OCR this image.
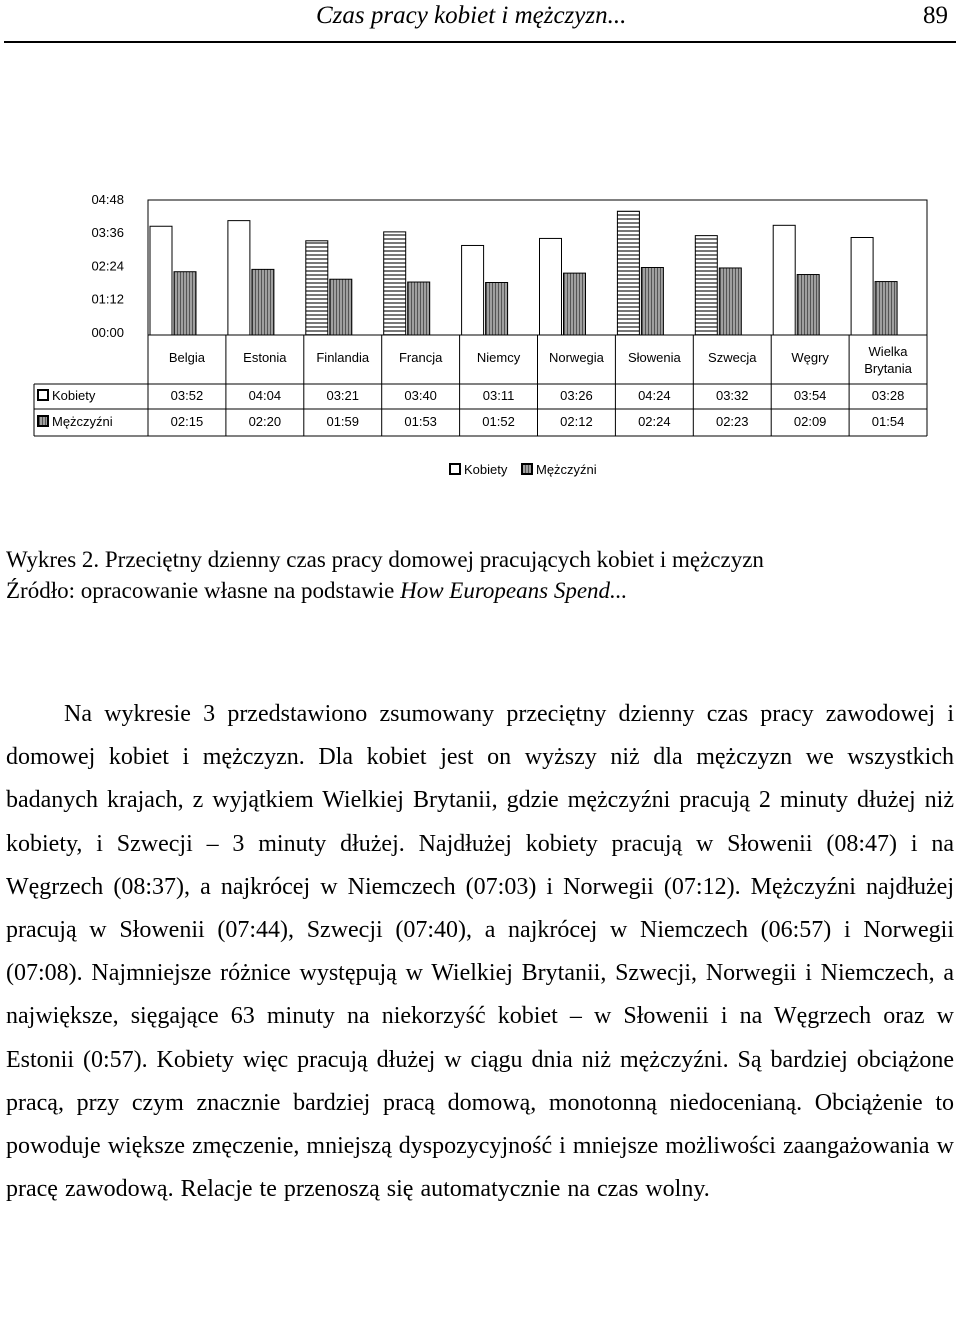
Czas pracy kobiet i mężczyzn...	89
04:48
03:36
02:24
01:12
00:00
Belgia	Estonia Finlandia Francja	Niemcy Norwegia Słowenia Szwecja	Węgry	Wielka
Brytania
Kobiety
Mężczyźni
03:52	04:04	03:21	03:40	03:11	03:26	04:24	03:32	03:54	03:28
02:15	02:20	01:59	01:53	01:52	02:12	02:24	02:23	02:09	01:54
Kobiety Mężczyźni
Wykres 2. Przeciętny dzienny czas pracy domowej pracujących kobiet i mężczyzn
Źródło: opracowanie własne na podstawie How Europeans Spend...
Na wykresie 3 przedstawiono zsumowany przeciętny dzienny czas pracy zawodowej i domowej kobiet i mężczyzn. Dla kobiet jest on wyższy niż dla mężczyzn we wszystkich badanych krajach, z wyjątkiem Wielkiej Brytanii, gdzie mężczyźni pracują 2 minuty dłużej niż kobiety, i Szwecji – 3 minuty dłużej. Najdłużej kobiety pracują w Słowenii (08:47) i na Węgrzech (08:37), a najkrócej w Niemczech (07:03) i Norwegii (07:12). Mężczyźni najdłużej pracują w Słowenii (07:44), Szwecji (07:40), a najkrócej w Niemczech (06:57) i Norwegii (07:08). Najmniejsze różnice występują w Wielkiej Brytanii, Szwecji, Norwegii i Niemczech, a największe, sięgające 63 minuty na niekorzyść kobiet – w Słowenii i na Węgrzech oraz w Estonii (0:57). Kobiety więc pracują dłużej w ciągu dnia niż mężczyźni. Są bardziej obciążone pracą, przy czym znacznie bardziej pracą domową, monotonną niedocenianą. Obciążenie to powoduje większe zmęczenie, mniejszą dyspozycyjność i mniejsze możliwości zaangażowania w pracę zawodową. Relacje te przenoszą się automatycznie na czas wolny.
